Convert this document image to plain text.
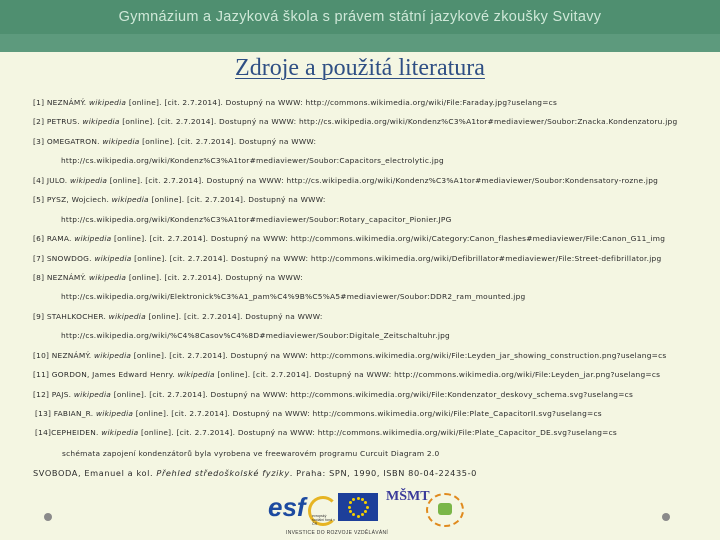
Gymnázium a Jazyková škola s právem státní jazykové zkoušky Svitavy
Zdroje a použitá literatura
[1] NEZNÁMÝ. wikipedia [online]. [cit. 2.7.2014]. Dostupný na WWW: http://commons.wikimedia.org/wiki/File:Faraday.jpg?uselang=cs
[2] PETRUS. wikipedia [online]. [cit. 2.7.2014]. Dostupný na WWW: http://cs.wikipedia.org/wiki/Kondenz%C3%A1tor#mediaviewer/Soubor:Znacka.Kondenzatoru.jpg
[3] OMEGATRON. wikipedia [online]. [cit. 2.7.2014]. Dostupný na WWW:
http://cs.wikipedia.org/wiki/Kondenz%C3%A1tor#mediaviewer/Soubor:Capacitors_electrolytic.jpg
[4] JULO. wikipedia [online]. [cit. 2.7.2014]. Dostupný na WWW: http://cs.wikipedia.org/wiki/Kondenz%C3%A1tor#mediaviewer/Soubor:Kondensatory-rozne.jpg
[5] PYSZ, Wojciech. wikipedia [online]. [cit. 2.7.2014]. Dostupný na WWW:
http://cs.wikipedia.org/wiki/Kondenz%C3%A1tor#mediaviewer/Soubor:Rotary_capacitor_Pionier.JPG
[6] RAMA. wikipedia [online]. [cit. 2.7.2014]. Dostupný na WWW: http://commons.wikimedia.org/wiki/Category:Canon_flashes#mediaviewer/File:Canon_G11_img
[7] SNOWDOG. wikipedia [online]. [cit. 2.7.2014]. Dostupný na WWW: http://commons.wikimedia.org/wiki/Defibrillator#mediaviewer/File:Street-defibrillator.jpg
[8] NEZNÁMÝ. wikipedia [online]. [cit. 2.7.2014]. Dostupný na WWW:
http://cs.wikipedia.org/wiki/Elektronick%C3%A1_pam%C4%9B%C5%A5#mediaviewer/Soubor:DDR2_ram_mounted.jpg
[9] STAHLKOCHER. wikipedia [online]. [cit. 2.7.2014]. Dostupný na WWW:
http://cs.wikipedia.org/wiki/%C4%8Casov%C4%8D#mediaviewer/Soubor:Digitale_Zeitschaltuhr.jpg
[10] NEZNÁMÝ. wikipedia [online]. [cit. 2.7.2014]. Dostupný na WWW: http://commons.wikimedia.org/wiki/File:Leyden_jar_showing_construction.png?uselang=cs
[11] GORDON, James Edward Henry. wikipedia [online]. [cit. 2.7.2014]. Dostupný na WWW: http://commons.wikimedia.org/wiki/File:Leyden_jar.png?uselang=cs
[12] PAJS. wikipedia [online]. [cit. 2.7.2014]. Dostupný na WWW: http://commons.wikimedia.org/wiki/File:Kondenzator_deskovy_schema.svg?uselang=cs
[13] FABIAN_R. wikipedia [online]. [cit. 2.7.2014]. Dostupný na WWW: http://commons.wikimedia.org/wiki/File:Plate_CapacitorII.svg?uselang=cs
[14]CEPHEIDEN. wikipedia [online]. [cit. 2.7.2014]. Dostupný na WWW: http://commons.wikimedia.org/wiki/File:Plate_Capacitor_DE.svg?uselang=cs
schémata zapojení kondenzátorů byla vyrobena ve freewarovém programu Curcuit Diagram 2.0
SVOBODA, Emanuel a kol. Přehled středoškolské fyziky. Praha: SPN, 1990, ISBN 80-04-22435-0
esf	evropský sociální fond v ČR
MŠMT
INVESTICE DO ROZVOJE VZDĚLÁVÁNÍ
